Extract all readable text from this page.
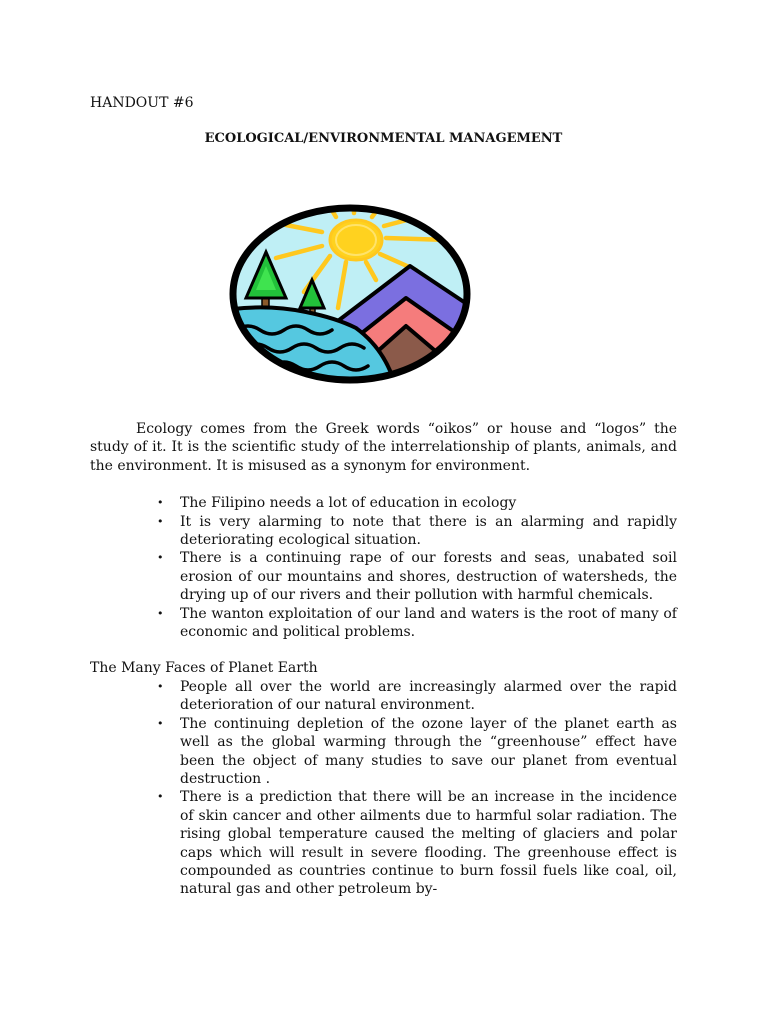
HANDOUT #6
ECOLOGICAL/ENVIRONMENTAL MANAGEMENT

Ecology comes from the Greek words “oikos” or house and “logos” the study of it. It is the scientific study of the interrelationship of plants, animals, and the environment. It is misused as a synonym for environment.

• The Filipino needs a lot of education in ecology
• It is very alarming to note that there is an alarming and rapidly deteriorating ecological situation.
• There is a continuing rape of our forests and seas, unabated soil erosion of our mountains and shores, destruction of watersheds, the drying up of our rivers and their pollution with harmful chemicals.
• The wanton exploitation of our land and waters is the root of many of economic and political problems.
The Many Faces of Planet Earth
• People all over the world are increasingly alarmed over the rapid deterioration of our natural environment.
• The continuing depletion of the ozone layer of the planet earth as well as the global warming through the “greenhouse” effect have been the object of many studies to save our planet from eventual destruction .
• There is a prediction that there will be an increase in the incidence of skin cancer and other ailments due to harmful solar radiation. The rising global temperature caused the melting of glaciers and polar caps which will result in severe flooding. The greenhouse effect is compounded as countries continue to burn fossil fuels like coal, oil, natural gas and other petroleum by-
